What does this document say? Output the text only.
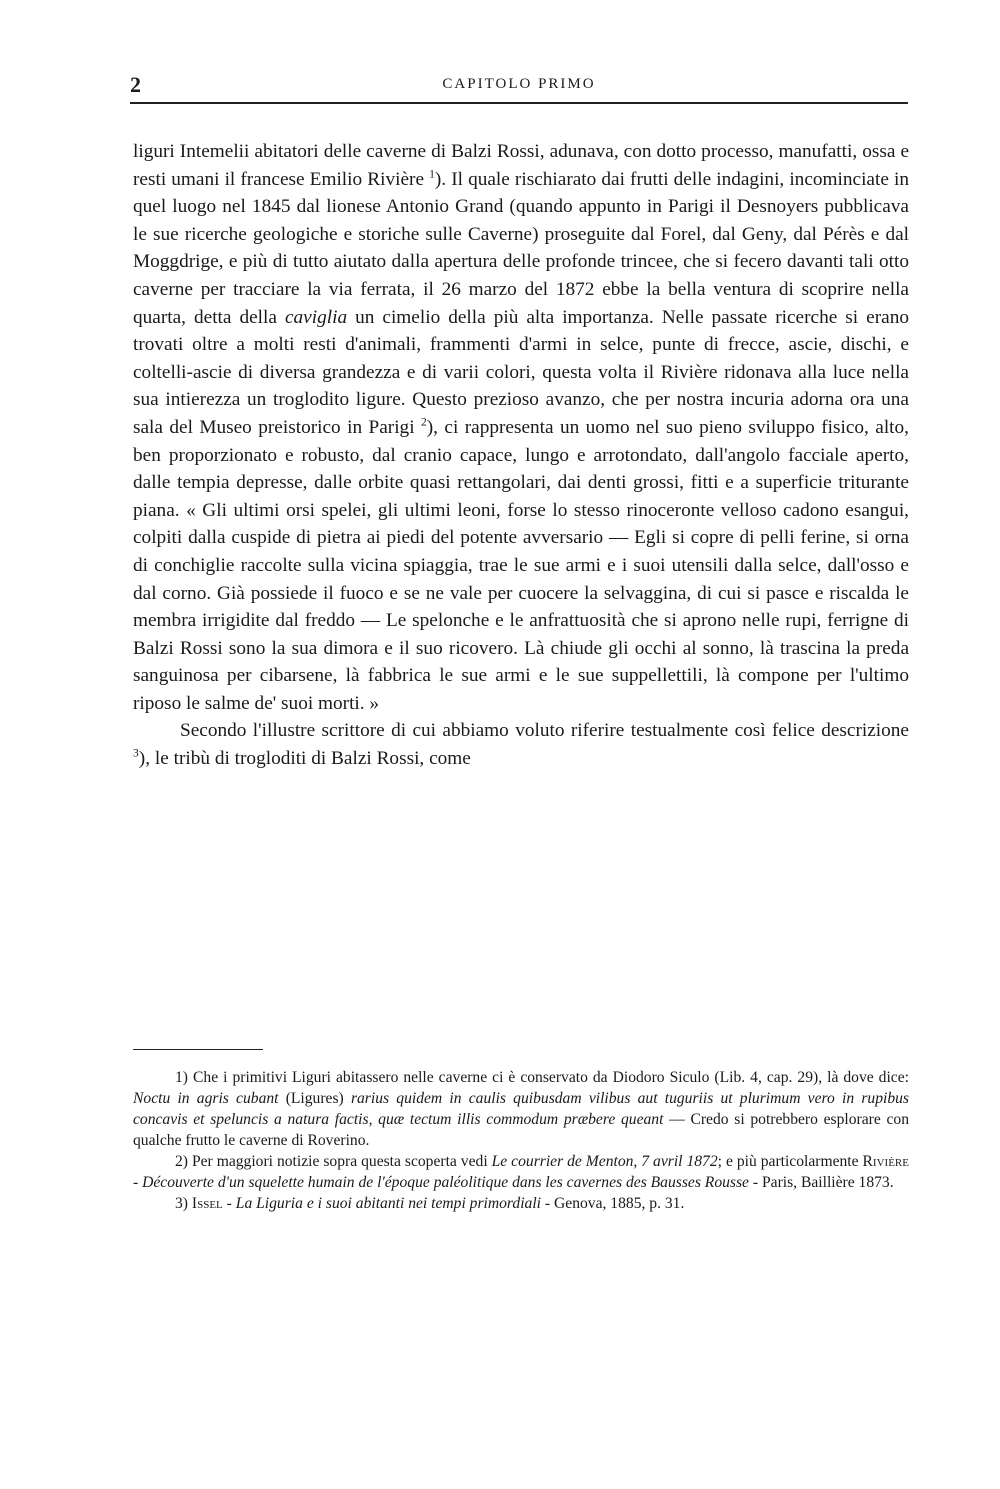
2	CAPITOLO PRIMO

liguri Intemelii abitatori delle caverne di Balzi Rossi, adunava, con dotto processo, manufatti, ossa e resti umani il francese Emilio Rivière $^1$). Il quale rischiarato dai frutti delle indagini, incominciate in quel luogo nel 1845 dal lionese Antonio Grand (quando appunto in Parigi il Desnoyers pubblicava le sue ricerche geologiche e storiche sulle Caverne) proseguite dal Forel, dal Geny, dal Pérès e dal Moggdrige, e più di tutto aiutato dalla apertura delle profonde trincee, che si fecero davanti tali otto caverne per tracciare la via ferrata, il 26 marzo del 1872 ebbe la bella ventura di scoprire nella quarta, detta della caviglia un cimelio della più alta importanza. Nelle passate ricerche si erano trovati oltre a molti resti d'animali, frammenti d'armi in selce, punte di frecce, ascie, dischi, e coltelli-ascie di diversa grandezza e di varii colori, questa volta il Rivière ridonava alla luce nella sua intierezza un troglodito ligure. Questo prezioso avanzo, che per nostra incuria adorna ora una sala del Museo preistorico in Parigi $^2$), ci rappresenta un uomo nel suo pieno sviluppo fisico, alto, ben proporzionato e robusto, dal cranio capace, lungo e arrotondato, dall'angolo facciale aperto, dalle tempia depresse, dalle orbite quasi rettangolari, dai denti grossi, fitti e a superficie triturante piana. « Gli ultimi orsi spelei, gli ultimi leoni, forse lo stesso rinoceronte velloso cadono esangui, colpiti dalla cuspide di pietra ai piedi del potente avversario — Egli si copre di pelli ferine, si orna di conchiglie raccolte sulla vicina spiaggia, trae le sue armi e i suoi utensili dalla selce, dall'osso e dal corno. Già possiede il fuoco e se ne vale per cuocere la selvaggina, di cui si pasce e riscalda le membra irrigidite dal freddo — Le spelonche e le anfrattuosità che si aprono nelle rupi, ferrigne di Balzi Rossi sono la sua dimora e il suo ricovero. Là chiude gli occhi al sonno, là trascina la preda sanguinosa per cibarsene, là fabbrica le sue armi e le sue suppellettili, là compone per l'ultimo riposo le salme de' suoi morti. »

Secondo l'illustre scrittore di cui abbiamo voluto riferire testualmente così felice descrizione $^3$), le tribù di trogloditi di Balzi Rossi, come

1) Che i primitivi Liguri abitassero nelle caverne ci è conservato da Diodoro Siculo (Lib. 4, cap. 29), là dove dice: Noctu in agris cubant (Ligures) rarius quidem in caulis quibusdam vilibus aut tuguriis ut plurimum vero in rupibus concavis et speluncis a natura factis, quæ tectum illis commodum præbere queant — Credo si potrebbero esplorare con qualche frutto le caverne di Roverino.

2) Per maggiori notizie sopra questa scoperta vedi Le courrier de Menton, 7 avril 1872; e più particolarmente Rivière - Découverte d'un squelette humain de l'époque paléolitique dans les cavernes des Bausses Rousse - Paris, Baillière 1873.

3) Issel - La Liguria e i suoi abitanti nei tempi primordiali - Genova, 1885, p. 31.
